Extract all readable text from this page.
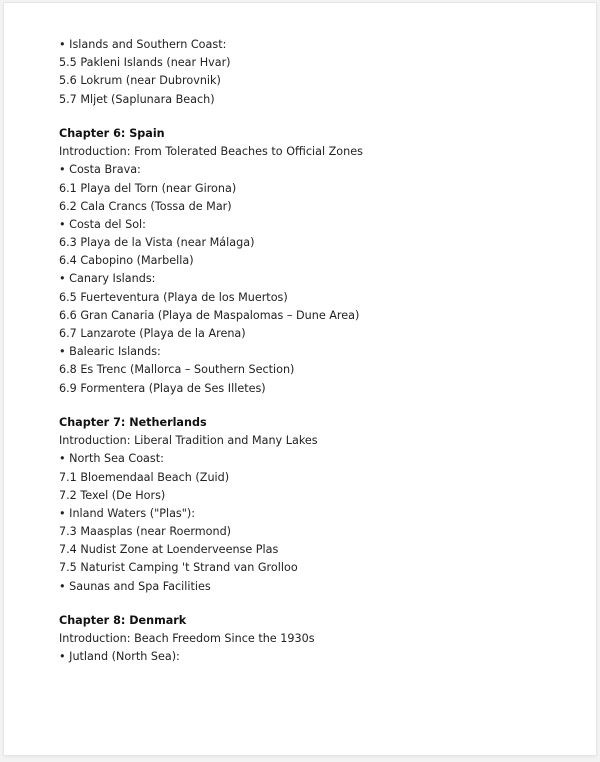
• Islands and Southern Coast:
5.5 Pakleni Islands (near Hvar)
5.6 Lokrum (near Dubrovnik)
5.7 Mljet (Saplunara Beach)
Chapter 6: Spain
Introduction: From Tolerated Beaches to Official Zones
• Costa Brava:
6.1 Playa del Torn (near Girona)
6.2 Cala Crancs (Tossa de Mar)
• Costa del Sol:
6.3 Playa de la Vista (near Málaga)
6.4 Cabopino (Marbella)
• Canary Islands:
6.5 Fuerteventura (Playa de los Muertos)
6.6 Gran Canaria (Playa de Maspalomas – Dune Area)
6.7 Lanzarote (Playa de la Arena)
• Balearic Islands:
6.8 Es Trenc (Mallorca – Southern Section)
6.9 Formentera (Playa de Ses Illetes)
Chapter 7: Netherlands
Introduction: Liberal Tradition and Many Lakes
• North Sea Coast:
7.1 Bloemendaal Beach (Zuid)
7.2 Texel (De Hors)
• Inland Waters ("Plas"):
7.3 Maasplas (near Roermond)
7.4 Nudist Zone at Loenderveense Plas
7.5 Naturist Camping 't Strand van Grolloo
• Saunas and Spa Facilities
Chapter 8: Denmark
Introduction: Beach Freedom Since the 1930s
• Jutland (North Sea):
